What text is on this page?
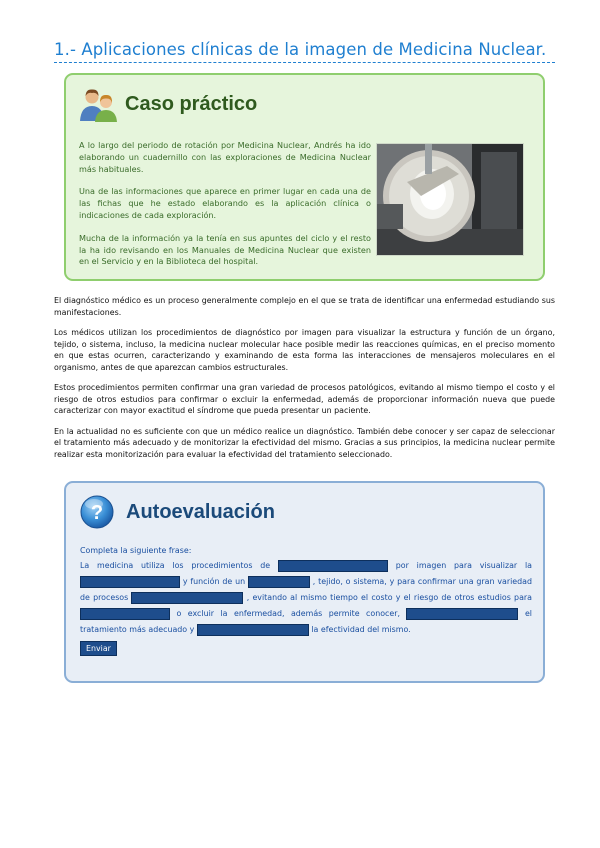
1.- Aplicaciones clínicas de la imagen de Medicina Nuclear.
Caso práctico

A lo largo del periodo de rotación por Medicina Nuclear, Andrés ha ido elaborando un cuadernillo con las exploraciones de Medicina Nuclear más habituales.

Una de las informaciones que aparece en primer lugar en cada una de las fichas que he estado elaborando es la aplicación clínica o indicaciones de cada exploración.

Mucha de la información ya la tenía en sus apuntes del ciclo y el resto la ha ido revisando en los Manuales de Medicina Nuclear que existen en el Servicio y en la Biblioteca del hospital.

El diagnóstico médico es un proceso generalmente complejo en el que se trata de identificar una enfermedad estudiando sus manifestaciones.

Los médicos utilizan los procedimientos de diagnóstico por imagen para visualizar la estructura y función de un órgano, tejido, o sistema, incluso, la medicina nuclear molecular hace posible medir las reacciones químicas, en el preciso momento en que estas ocurren, caracterizando y examinando de esta forma las interacciones de mensajeros moleculares en el organismo, antes de que aparezcan cambios estructurales.

Estos procedimientos permiten confirmar una gran variedad de procesos patológicos, evitando al mismo tiempo el costo y el riesgo de otros estudios para confirmar o excluir la enfermedad, además de proporcionar información nueva que puede caracterizar con mayor exactitud el síndrome que pueda presentar un paciente.

En la actualidad no es suficiente con que un médico realice un diagnóstico. También debe conocer y ser capaz de seleccionar el tratamiento más adecuado y de monitorizar la efectividad del mismo. Gracias a sus principios, la medicina nuclear permite realizar esta monitorización para evaluar la efectividad del tratamiento seleccionado.

? Autoevaluación
Completa la siguiente frase:
La medicina utiliza los procedimientos de	por imagen para visualizar la  y función de un	, tejido, o sistema, y para confirmar una gran variedad de procesos	, evitando al mismo tiempo el costo y el riesgo de otros estudios para  o excluir la enfermedad, además permite conocer,	el tratamiento más adecuado y	la efectividad del mismo.
Enviar
